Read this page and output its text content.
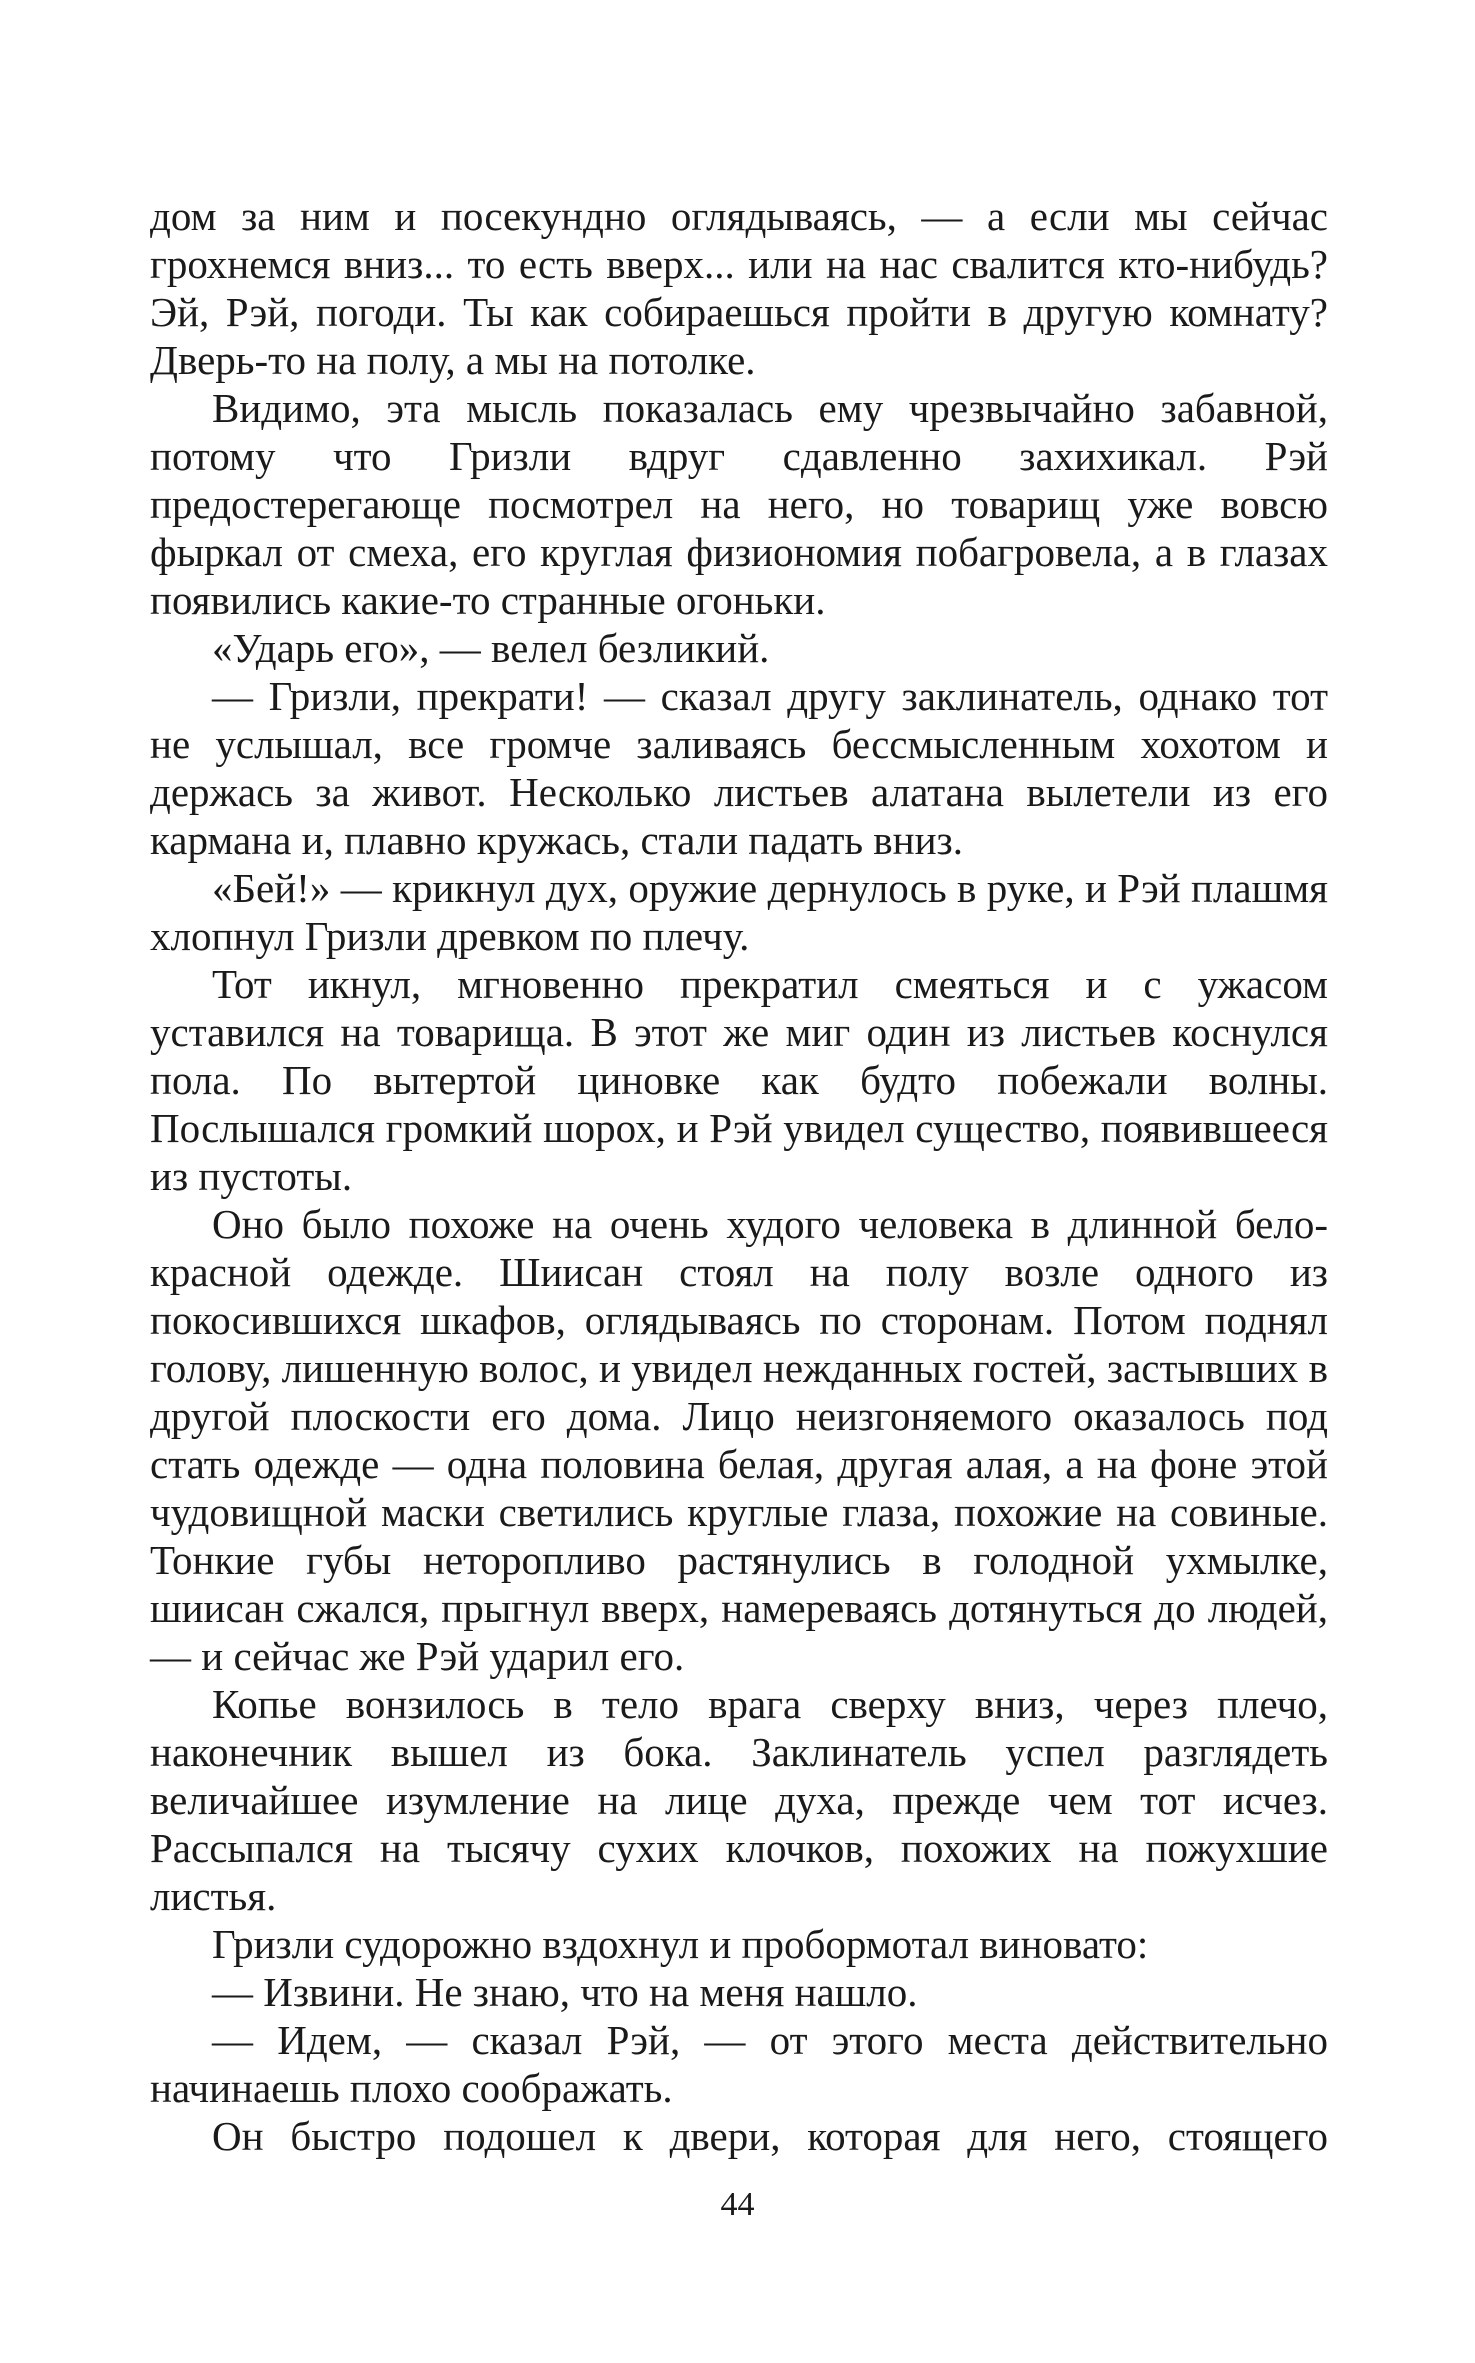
дом за ним и посекундно оглядываясь, — а если мы сейчас грохнемся вниз... то есть вверх... или на нас свалится кто-нибудь? Эй, Рэй, погоди. Ты как собираешься пройти в другую комнату? Дверь-то на полу, а мы на потолке.

Видимо, эта мысль показалась ему чрезвычайно забавной, потому что Гризли вдруг сдавленно захихикал. Рэй предостерегающе посмотрел на него, но товарищ уже вовсю фыркал от смеха, его круглая физиономия побагровела, а в глазах появились какие-то странные огоньки.

«Ударь его», — велел безликий.

— Гризли, прекрати! — сказал другу заклинатель, однако тот не услышал, все громче заливаясь бессмысленным хохотом и держась за живот. Несколько листьев алатана вылетели из его кармана и, плавно кружась, стали падать вниз.

«Бей!» — крикнул дух, оружие дернулось в руке, и Рэй плашмя хлопнул Гризли древком по плечу.

Тот икнул, мгновенно прекратил смеяться и с ужасом уставился на товарища. В этот же миг один из листьев коснулся пола. По вытертой циновке как будто побежали волны. Послышался громкий шорох, и Рэй увидел существо, появившееся из пустоты.

Оно было похоже на очень худого человека в длинной бело-красной одежде. Шиисан стоял на полу возле одного из покосившихся шкафов, оглядываясь по сторонам. Потом поднял голову, лишенную волос, и увидел нежданных гостей, застывших в другой плоскости его дома. Лицо неизгоняемого оказалось под стать одежде — одна половина белая, другая алая, а на фоне этой чудовищной маски светились круглые глаза, похожие на совиные. Тонкие губы неторопливо растянулись в голодной ухмылке, шиисан сжался, прыгнул вверх, намереваясь дотянуться до людей, — и сейчас же Рэй ударил его.

Копье вонзилось в тело врага сверху вниз, через плечо, наконечник вышел из бока. Заклинатель успел разглядеть величайшее изумление на лице духа, прежде чем тот исчез. Рассыпался на тысячу сухих клочков, похожих на пожухшие листья.

Гризли судорожно вздохнул и пробормотал виновато:

— Извини. Не знаю, что на меня нашло.

— Идем, — сказал Рэй, — от этого места действительно начинаешь плохо соображать.

Он быстро подошел к двери, которая для него, стоящего

44
